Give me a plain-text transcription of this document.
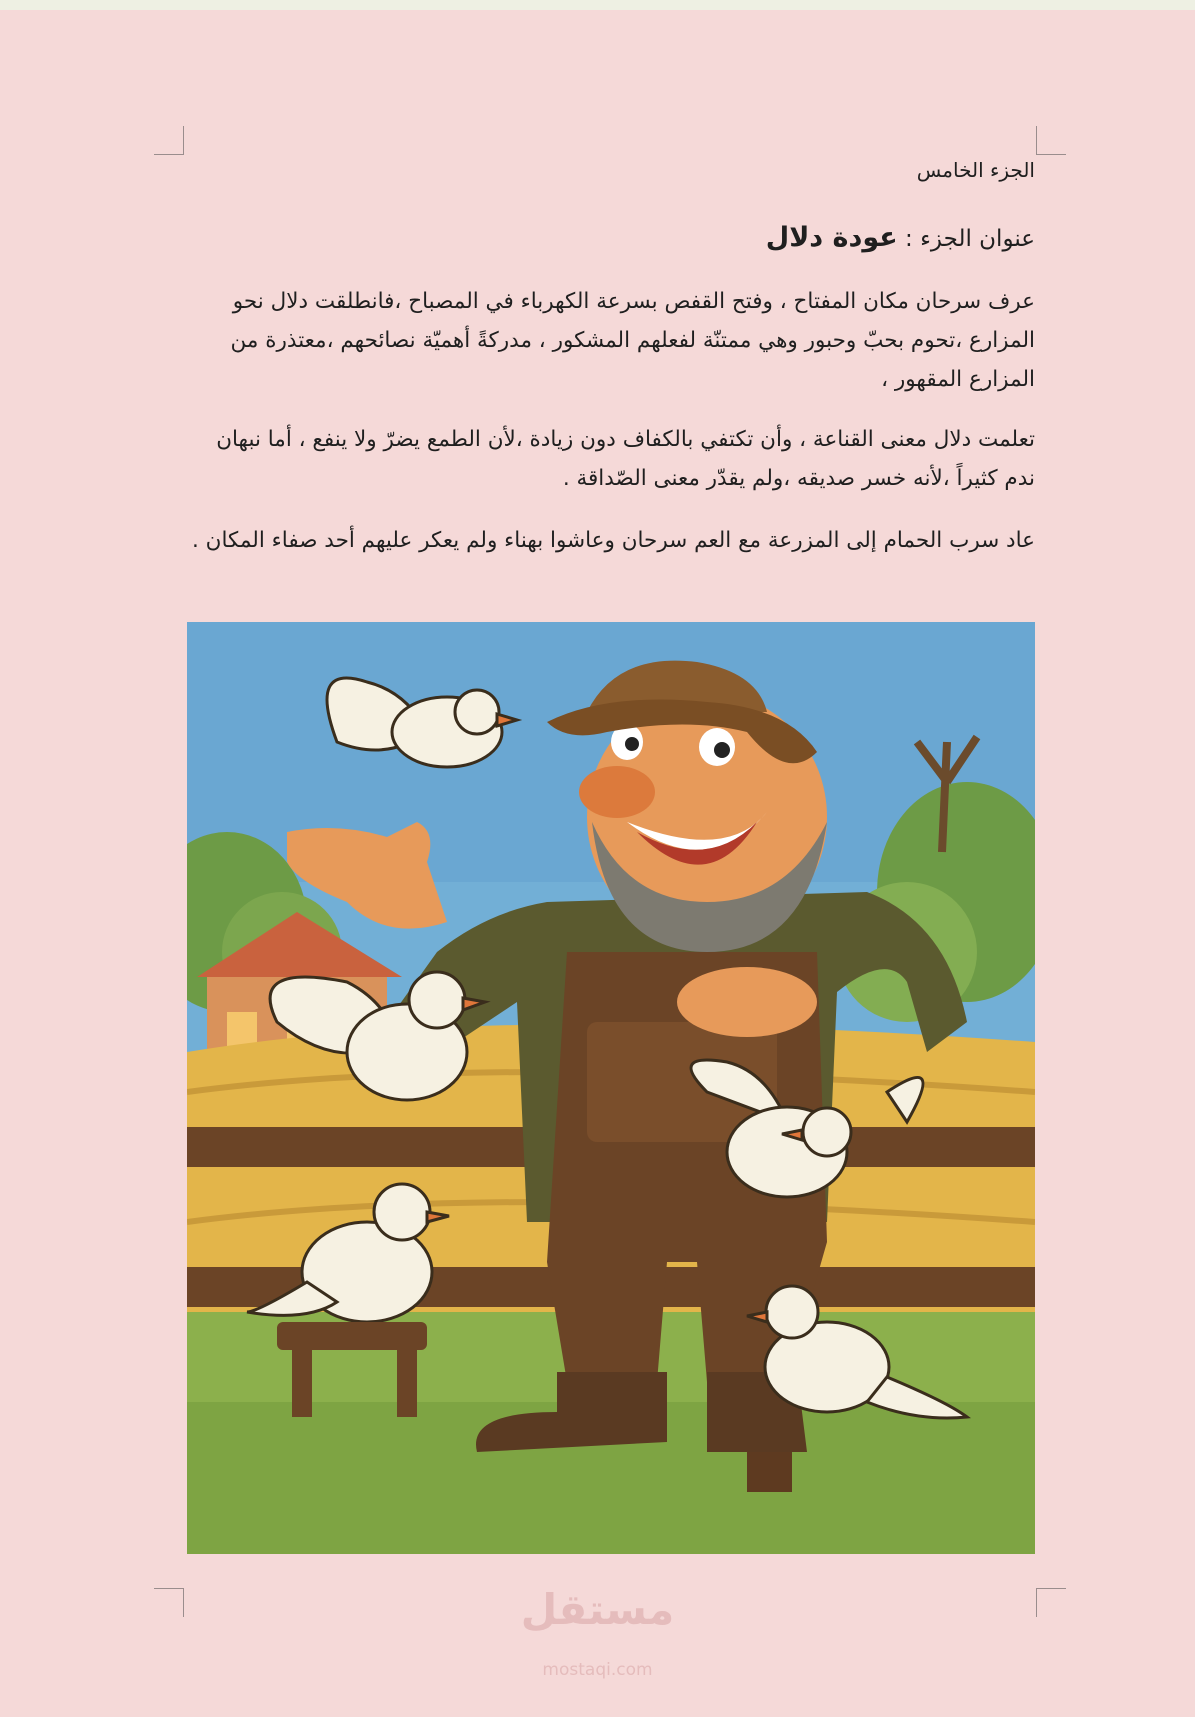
الجزء الخامس
عنوان الجزء : عودة دلال
عرف سرحان مكان المفتاح ، وفتح القفص بسرعة الكهرباء في المصباح ،فانطلقت دلال نحو المزارع ،تحوم بحبّ وحبور وهي ممتنّة لفعلهم المشكور ، مدركةً أهميّة نصائحهم ،معتذرة من المزارع المقهور ،
تعلمت دلال معنى القناعة ، وأن تكتفي بالكفاف دون زيادة ،لأن الطمع يضرّ ولا ينفع ، أما نبهان ندم كثيراً ،لأنه خسر صديقه ،ولم يقدّر معنى الصّداقة .
عاد سرب الحمام إلى المزرعة مع العم سرحان وعاشوا بهناء ولم يعكر عليهم أحد صفاء المكان .
مستقل
mostaqi.com
